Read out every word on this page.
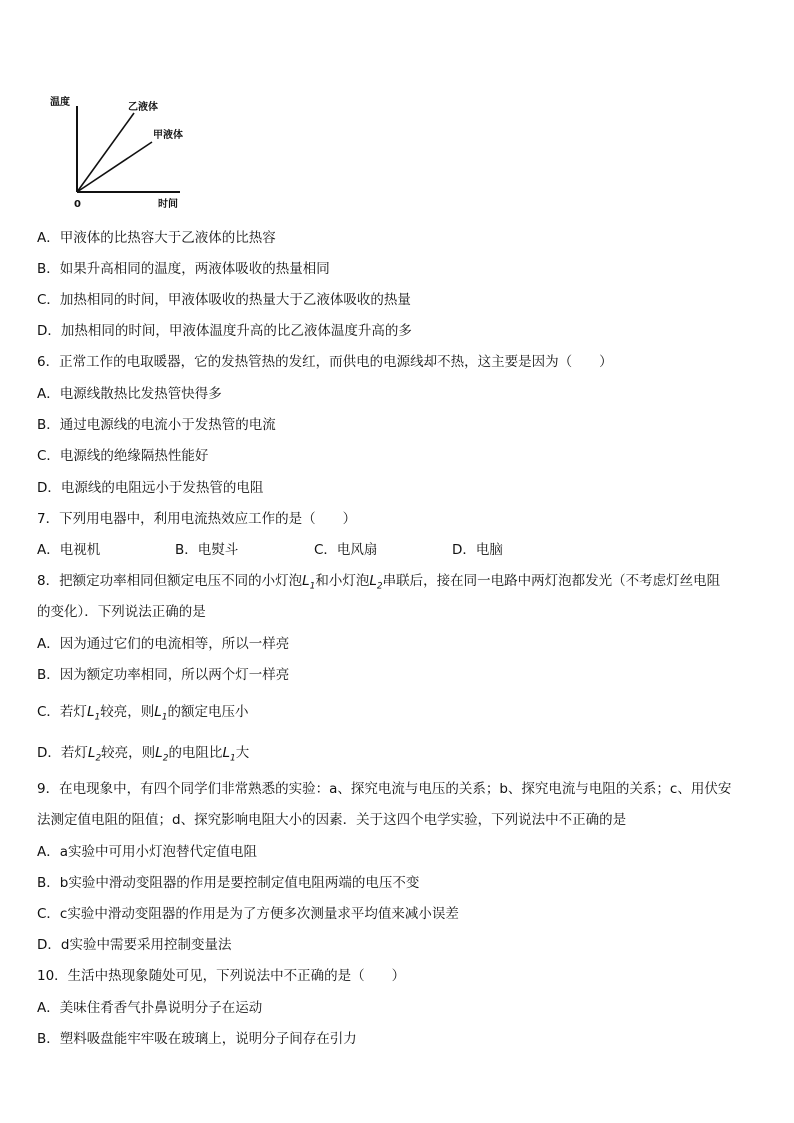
温度	乙液体
甲液体
0	时间
A．甲液体的比热容大于乙液体的比热容
B．如果升高相同的温度，两液体吸收的热量相同
C．加热相同的时间，甲液体吸收的热量大于乙液体吸收的热量
D．加热相同的时间，甲液体温度升高的比乙液体温度升高的多
6．正常工作的电取暖器，它的发热管热的发红，而供电的电源线却不热，这主要是因为（　　）
A．电源线散热比发热管快得多
B．通过电源线的电流小于发热管的电流
C．电源线的绝缘隔热性能好
D．电源线的电阻远小于发热管的电阻
7．下列用电器中，利用电流热效应工作的是（　　）
A．电视机	B．电熨斗	C．电风扇	D．电脑
8．把额定功率相同但额定电压不同的小灯泡$L_1$和小灯泡$L_2$串联后，接在同一电路中两灯泡都发光（不考虑灯丝电阻
的变化）．下列说法正确的是
A．因为通过它们的电流相等，所以一样亮
B．因为额定功率相同，所以两个灯一样亮
C．若灯$L_1$较亮，则$L_1$的额定电压小
D．若灯$L_2$较亮，则$L_2$的电阻比$L_1$大
9．在电现象中，有四个同学们非常熟悉的实验：a、探究电流与电压的关系；b、探究电流与电阻的关系；c、用伏安
法测定值电阻的阻值；d、探究影响电阻大小的因素．关于这四个电学实验，下列说法中不正确的是
A．a实验中可用小灯泡替代定值电阻
B．b实验中滑动变阻器的作用是要控制定值电阻两端的电压不变
C．c实验中滑动变阻器的作用是为了方便多次测量求平均值来减小误差
D．d实验中需要采用控制变量法
10．生活中热现象随处可见，下列说法中不正确的是（　　）
A．美味住肴香气扑鼻说明分子在运动
B．塑料吸盘能牢牢吸在玻璃上，说明分子间存在引力
